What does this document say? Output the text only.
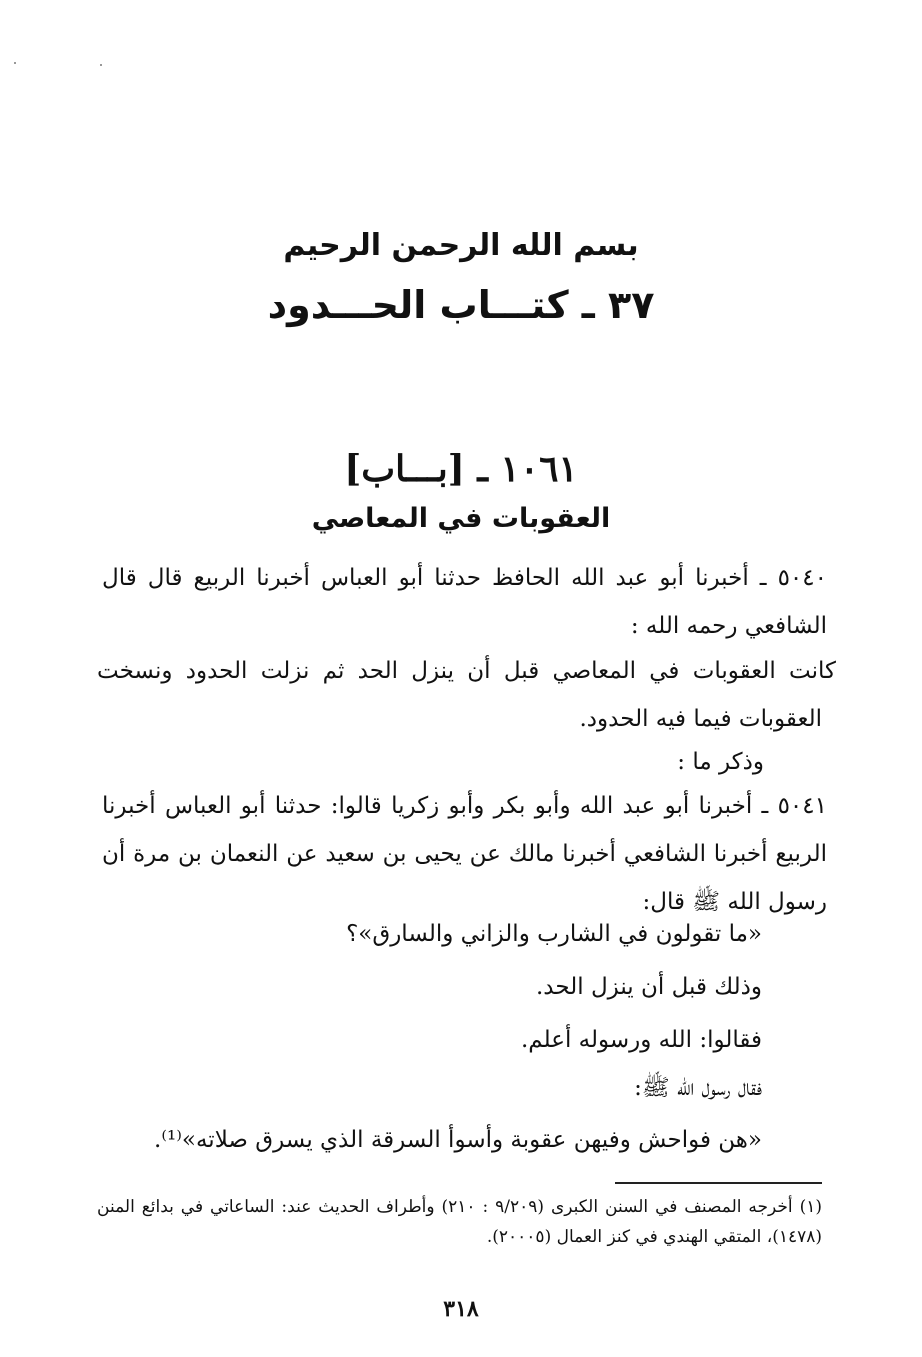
بسم الله الرحمن الرحيم
٣٧ ـ كتـــاب الحـــدود
١٠٦١ ـ [بـــاب]
العقوبات في المعاصي
٥٠٤٠ ـ أخبرنا أبو عبد الله الحافظ حدثنا أبو العباس أخبرنا الربيع قال قال الشافعي رحمه الله :
كانت العقوبات في المعاصي قبل أن ينزل الحد ثم نزلت الحدود ونسخت العقوبات فيما فيه الحدود.
وذكر ما :
٥٠٤١ ـ أخبرنا أبو عبد الله وأبو بكر وأبو زكريا قالوا: حدثنا أبو العباس أخبرنا الربيع أخبرنا الشافعي أخبرنا مالك عن يحيى بن سعيد عن النعمان بن مرة أن رسول الله ﷺ قال:
«ما تقولون في الشارب والزاني والسارق»؟
وذلك قبل أن ينزل الحد.
فقالوا: الله ورسوله أعلم.
فقال رسول الله ﷺ:
«هن فواحش وفيهن عقوبة وأسوأ السرقة الذي يسرق صلاته»⁽¹⁾.
(١) أخرجه المصنف في السنن الكبرى (٩/٢٠٩ : ٢١٠) وأطراف الحديث عند: الساعاتي في بدائع المنن (١٤٧٨)، المتقي الهندي في كنز العمال (٢٠٠٠٥).
٣١٨
